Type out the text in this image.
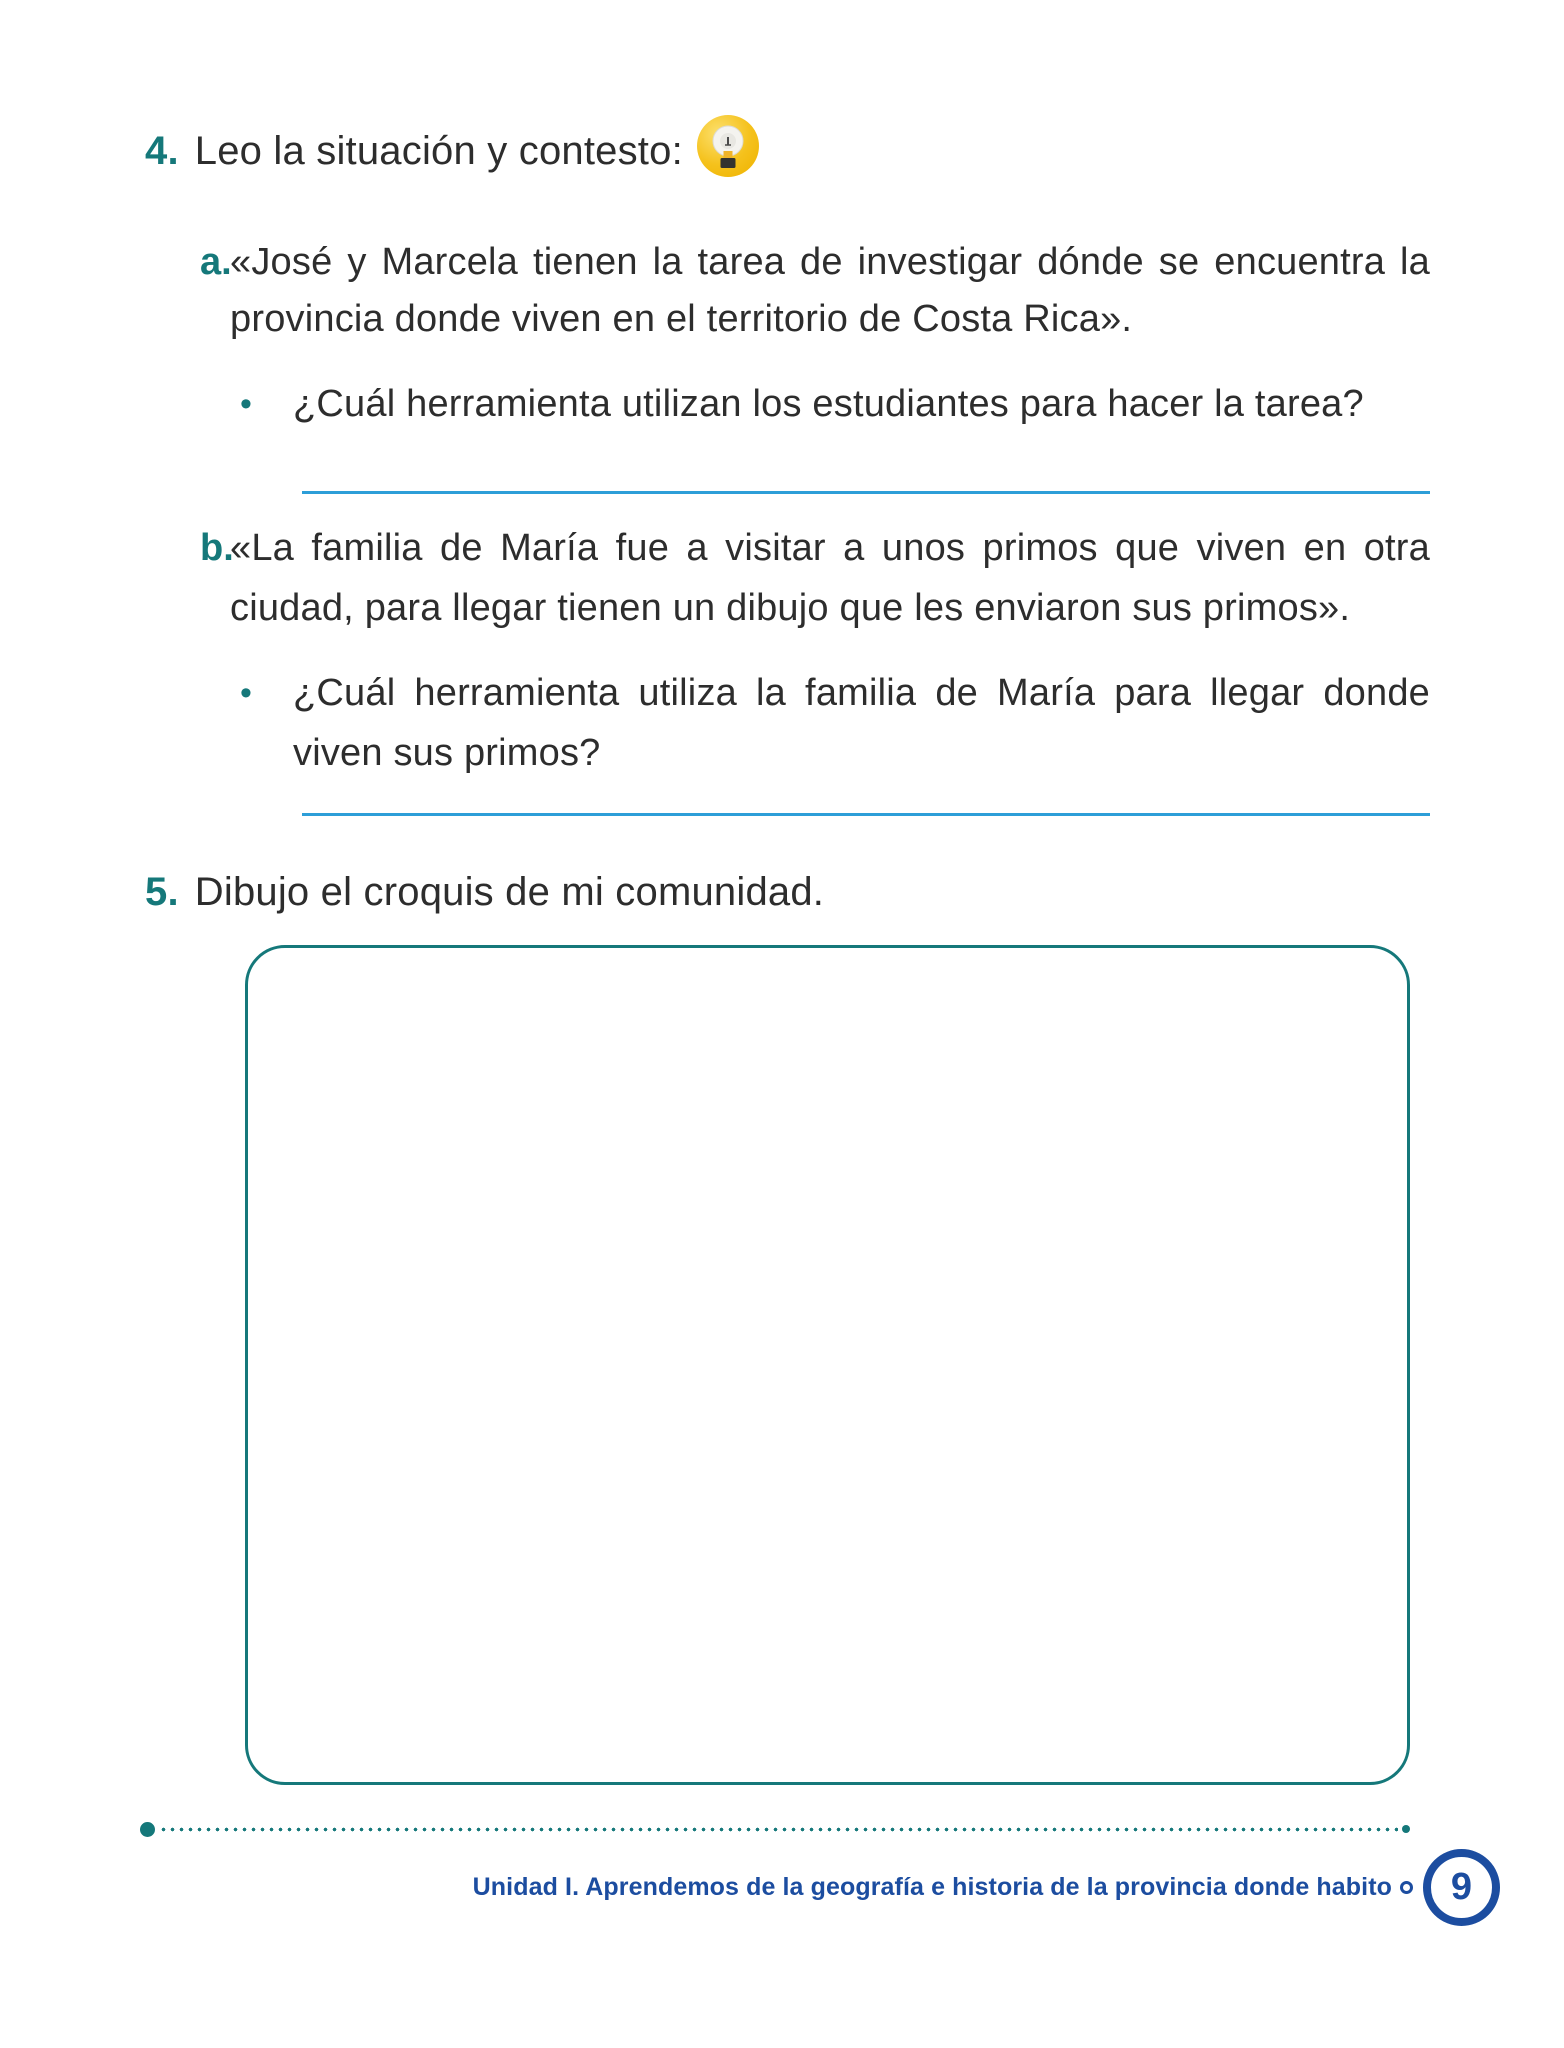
4. Leo la situación y contesto:
a.

«José y Marcela tienen la tarea de investigar dónde se encuentra la provincia donde viven en el territorio de Costa Rica».

•	¿Cuál herramienta utilizan los estudiantes para hacer la tarea?

b.

«La familia de María fue a visitar a unos primos que viven en otra ciudad, para llegar tienen un dibujo que les enviaron sus primos».

•	¿Cuál herramienta utiliza la familia de María para llegar donde viven sus primos?

5. Dibujo el croquis de mi comunidad.
Unidad I. Aprendemos de la geografía e historia de la provincia donde habito 9
